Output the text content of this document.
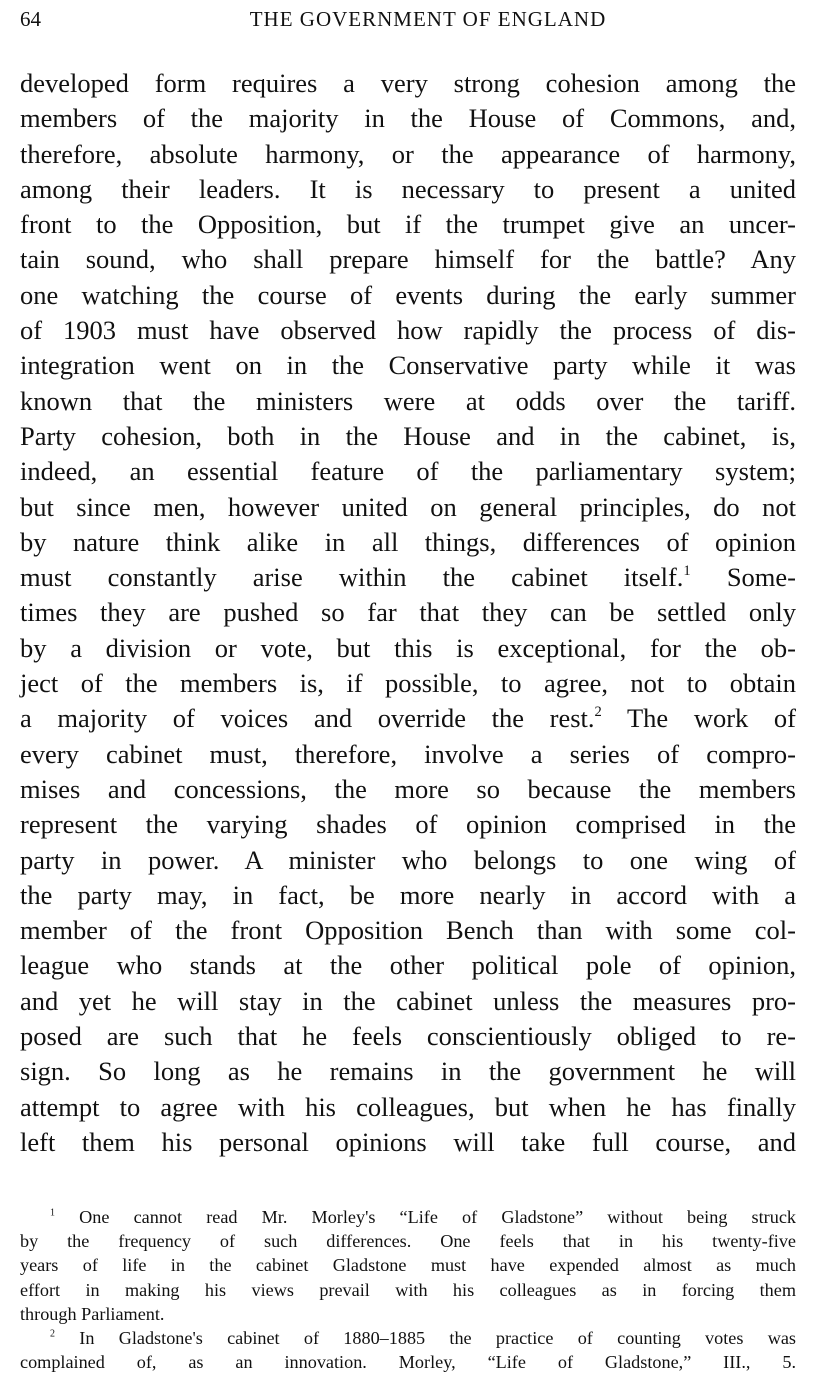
64	THE GOVERNMENT OF ENGLAND
developed form requires a very strong cohesion among the
members of the majority in the House of Commons, and,
therefore, absolute harmony, or the appearance of harmony,
among their leaders. It is necessary to present a united
front to the Opposition, but if the trumpet give an uncer-
tain sound, who shall prepare himself for the battle? Any
one watching the course of events during the early summer
of 1903 must have observed how rapidly the process of dis-
integration went on in the Conservative party while it was
known that the ministers were at odds over the tariff.
Party cohesion, both in the House and in the cabinet, is,
indeed, an essential feature of the parliamentary system;
but since men, however united on general principles, do not
by nature think alike in all things, differences of opinion
must constantly arise within the cabinet itself.$^1$ Some-
times they are pushed so far that they can be settled only
by a division or vote, but this is exceptional, for the ob-
ject of the members is, if possible, to agree, not to obtain
a majority of voices and override the rest.$^2$ The work of
every cabinet must, therefore, involve a series of compro-
mises and concessions, the more so because the members
represent the varying shades of opinion comprised in the
party in power. A minister who belongs to one wing of
the party may, in fact, be more nearly in accord with a
member of the front Opposition Bench than with some col-
league who stands at the other political pole of opinion,
and yet he will stay in the cabinet unless the measures pro-
posed are such that he feels conscientiously obliged to re-
sign. So long as he remains in the government he will
attempt to agree with his colleagues, but when he has finally
left them his personal opinions will take full course, and
$^1$ One cannot read Mr. Morley's “Life of Gladstone” without being struck
by the frequency of such differences. One feels that in his twenty-five
years of life in the cabinet Gladstone must have expended almost as much
effort in making his views prevail with his colleagues as in forcing them
through Parliament.
$^2$ In Gladstone's cabinet of 1880–1885 the practice of counting votes was
complained of, as an innovation. Morley, “Life of Gladstone,” III., 5.
